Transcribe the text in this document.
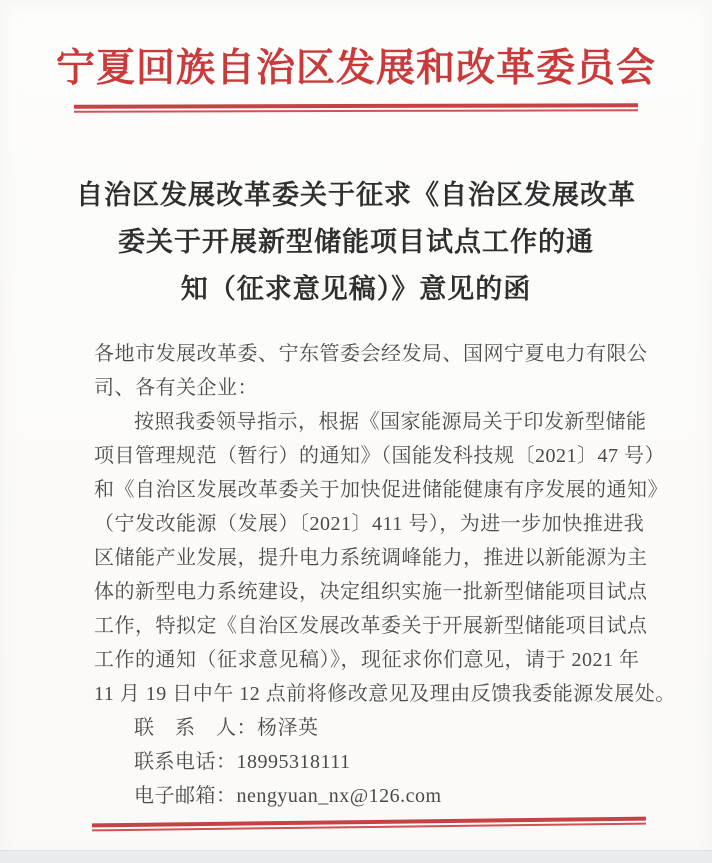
宁夏回族自治区发展和改革委员会
自治区发展改革委关于征求《自治区发展改革
委关于开展新型储能项目试点工作的通
知（征求意见稿）》意见的函
各地市发展改革委、宁东管委会经发局、国网宁夏电力有限公
司、各有关企业：
按照我委领导指示，根据《国家能源局关于印发新型储能
项目管理规范（暂行）的通知》（国能发科技规〔2021〕47 号）
和《自治区发展改革委关于加快促进储能健康有序发展的通知》
（宁发改能源（发展）〔2021〕411 号），为进一步加快推进我
区储能产业发展，提升电力系统调峰能力，推进以新能源为主
体的新型电力系统建设，决定组织实施一批新型储能项目试点
工作，特拟定《自治区发展改革委关于开展新型储能项目试点
工作的通知（征求意见稿）》，现征求你们意见，请于 2021 年
11 月 19 日中午 12 点前将修改意见及理由反馈我委能源发展处。
联　系　人：杨泽英
联系电话：18995318111
电子邮箱：nengyuan_nx@126.com
